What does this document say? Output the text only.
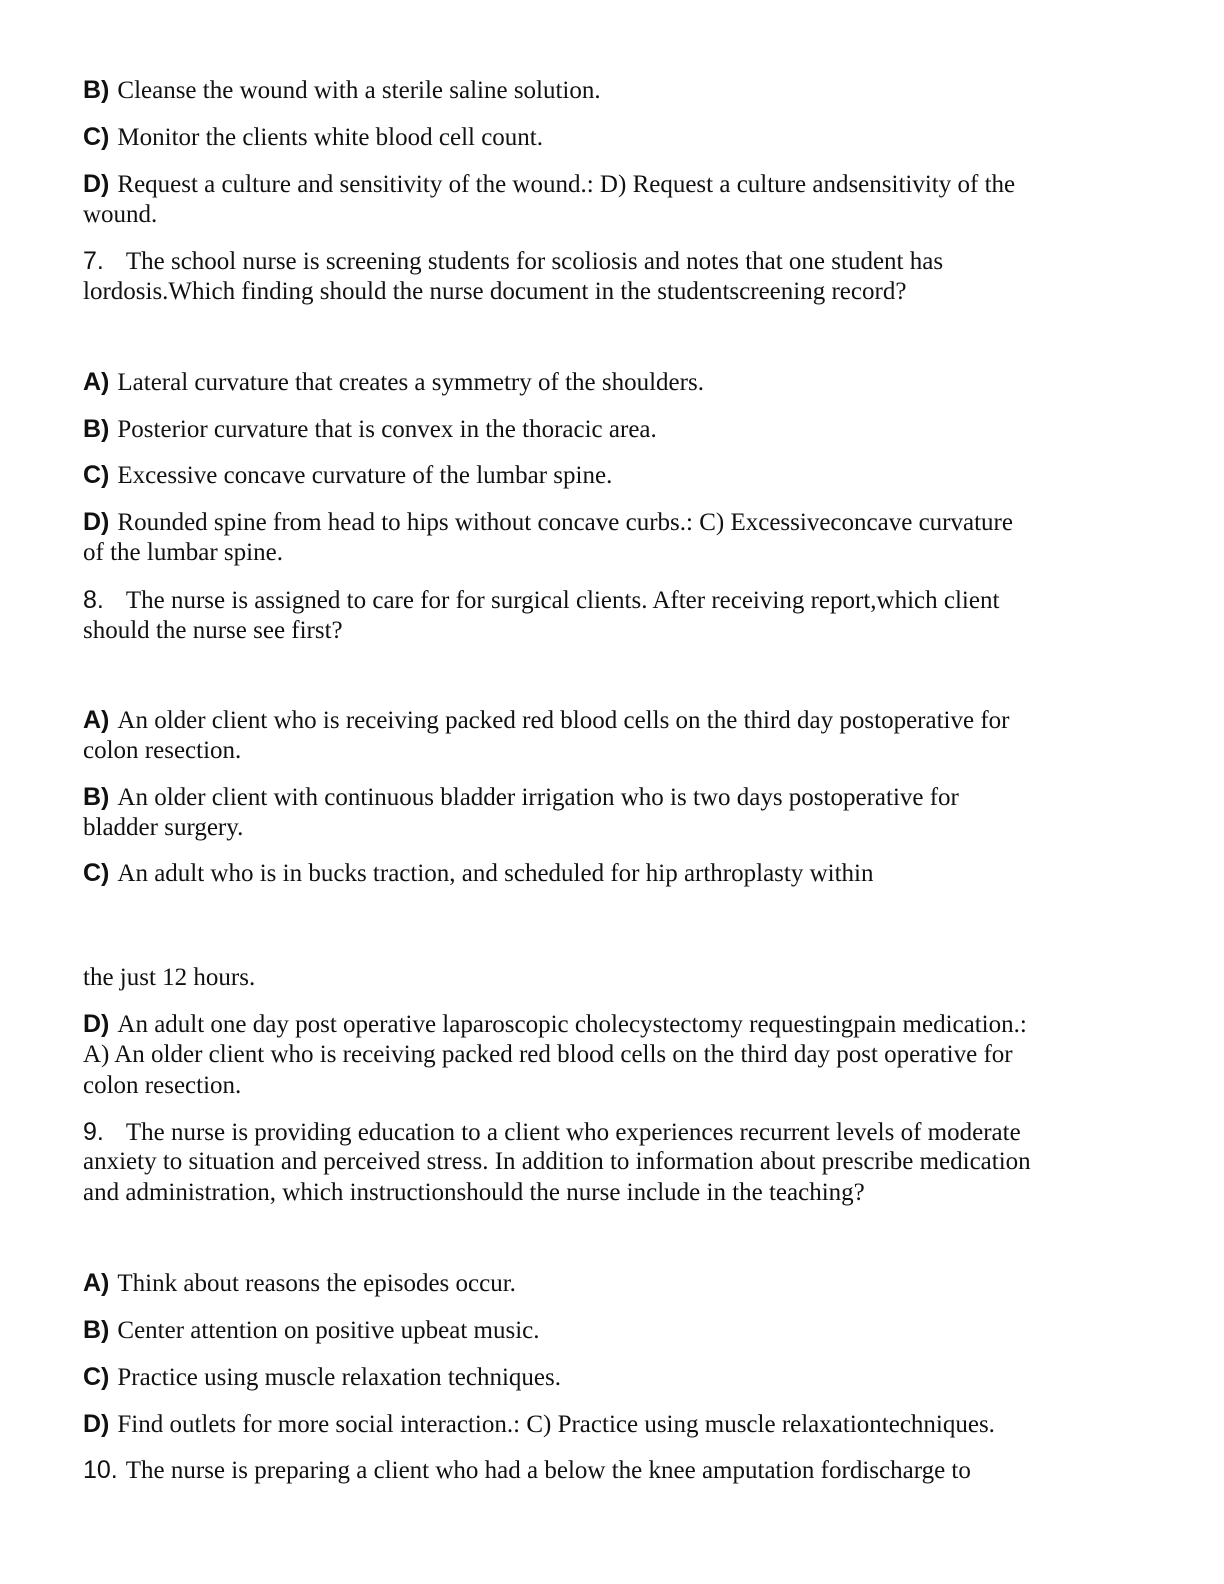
B) Cleanse the wound with a sterile saline solution.
C) Monitor the clients white blood cell count.
D) Request a culture and sensitivity of the wound.: D) Request a culture andsensitivity of the
wound.
7. The school nurse is screening students for scoliosis and notes that one student has
lordosis.Which finding should the nurse document in the studentscreening record?
A) Lateral curvature that creates a symmetry of the shoulders.
B) Posterior curvature that is convex in the thoracic area.
C) Excessive concave curvature of the lumbar spine.
D) Rounded spine from head to hips without concave curbs.: C) Excessiveconcave curvature
of the lumbar spine.
8. The nurse is assigned to care for for surgical clients. After receiving report,which client
should the nurse see first?
A) An older client who is receiving packed red blood cells on the third day postoperative for
colon resection.
B) An older client with continuous bladder irrigation who is two days postoperative for
bladder surgery.
C) An adult who is in bucks traction, and scheduled for hip arthroplasty within
the just 12 hours.
D) An adult one day post operative laparoscopic cholecystectomy requestingpain medication.:
A) An older client who is receiving packed red blood cells on the third day post operative for
colon resection.
9. The nurse is providing education to a client who experiences recurrent levels of moderate
anxiety to situation and perceived stress. In addition to information about prescribe medication
and administration, which instructionshould the nurse include in the teaching?
A) Think about reasons the episodes occur.
B) Center attention on positive upbeat music.
C) Practice using muscle relaxation techniques.
D) Find outlets for more social interaction.: C) Practice using muscle relaxationtechniques.
10. The nurse is preparing a client who had a below the knee amputation fordischarge to
